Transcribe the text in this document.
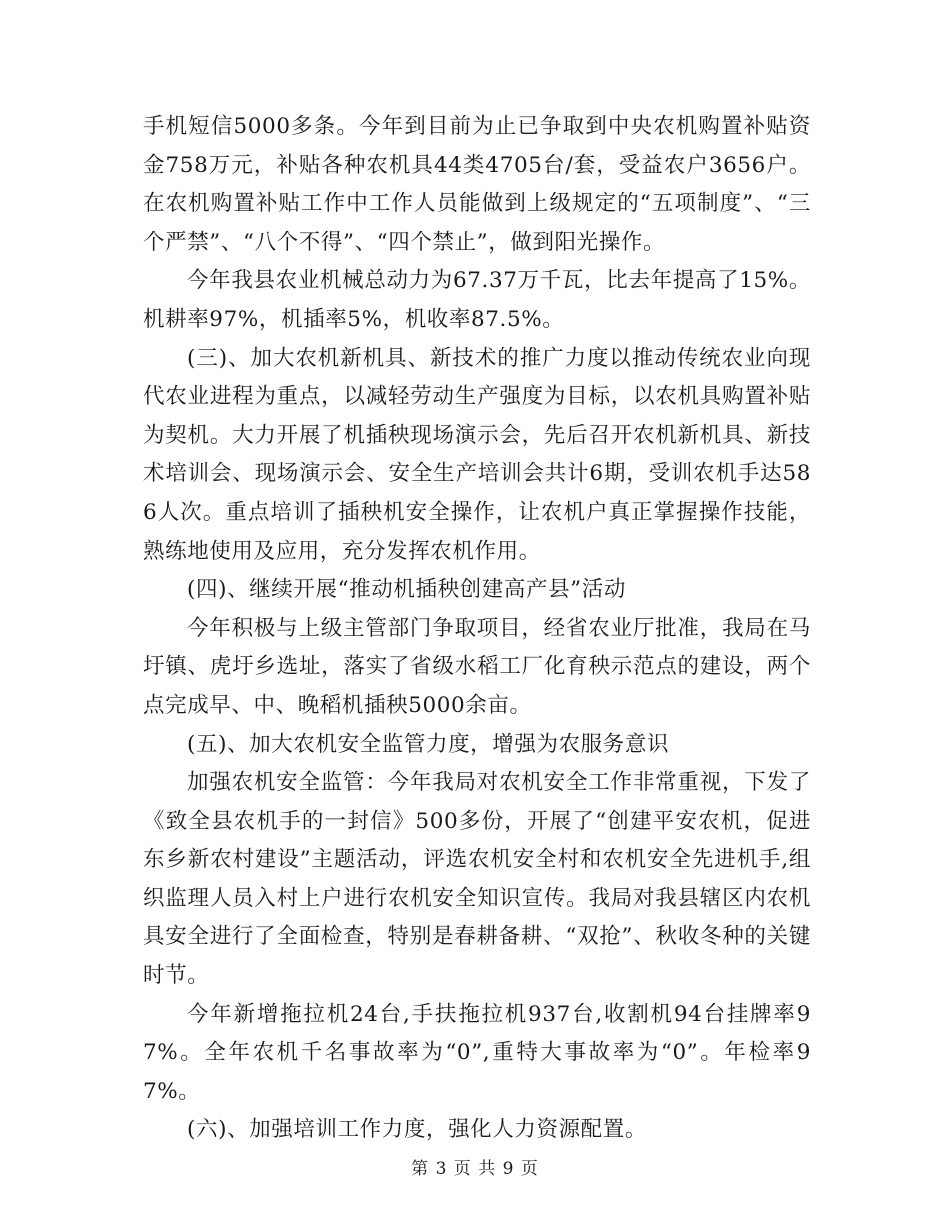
手机短信5000多条。今年到目前为止已争取到中央农机购置补贴资金758万元，补贴各种农机具44类4705台/套，受益农户3656户。在农机购置补贴工作中工作人员能做到上级规定的“五项制度”、“三个严禁”、“八个不得”、“四个禁止”，做到阳光操作。

今年我县农业机械总动力为67.37万千瓦，比去年提高了15%。机耕率97%，机插率5%，机收率87.5%。

(三)、加大农机新机具、新技术的推广力度以推动传统农业向现代农业进程为重点，以减轻劳动生产强度为目标，以农机具购置补贴为契机。大力开展了机插秧现场演示会，先后召开农机新机具、新技术培训会、现场演示会、安全生产培训会共计6期，受训农机手达586人次。重点培训了插秧机安全操作，让农机户真正掌握操作技能，熟练地使用及应用，充分发挥农机作用。

(四)、继续开展“推动机插秧创建高产县”活动

今年积极与上级主管部门争取项目，经省农业厅批准，我局在马圩镇、虎圩乡选址，落实了省级水稻工厂化育秧示范点的建设，两个点完成早、中、晚稻机插秧5000余亩。

(五)、加大农机安全监管力度，增强为农服务意识

加强农机安全监管：今年我局对农机安全工作非常重视，下发了《致全县农机手的一封信》500多份，开展了“创建平安农机，促进东乡新农村建设”主题活动，评选农机安全村和农机安全先进机手,组织监理人员入村上户进行农机安全知识宣传。我局对我县辖区内农机具安全进行了全面检查，特别是春耕备耕、“双抢”、秋收冬种的关键时节。

今年新增拖拉机24台,手扶拖拉机937台,收割机94台挂牌率97%。全年农机千名事故率为“0”,重特大事故率为“0”。年检率97%。

(六)、加强培训工作力度，强化人力资源配置。

第 3 页 共 9 页
